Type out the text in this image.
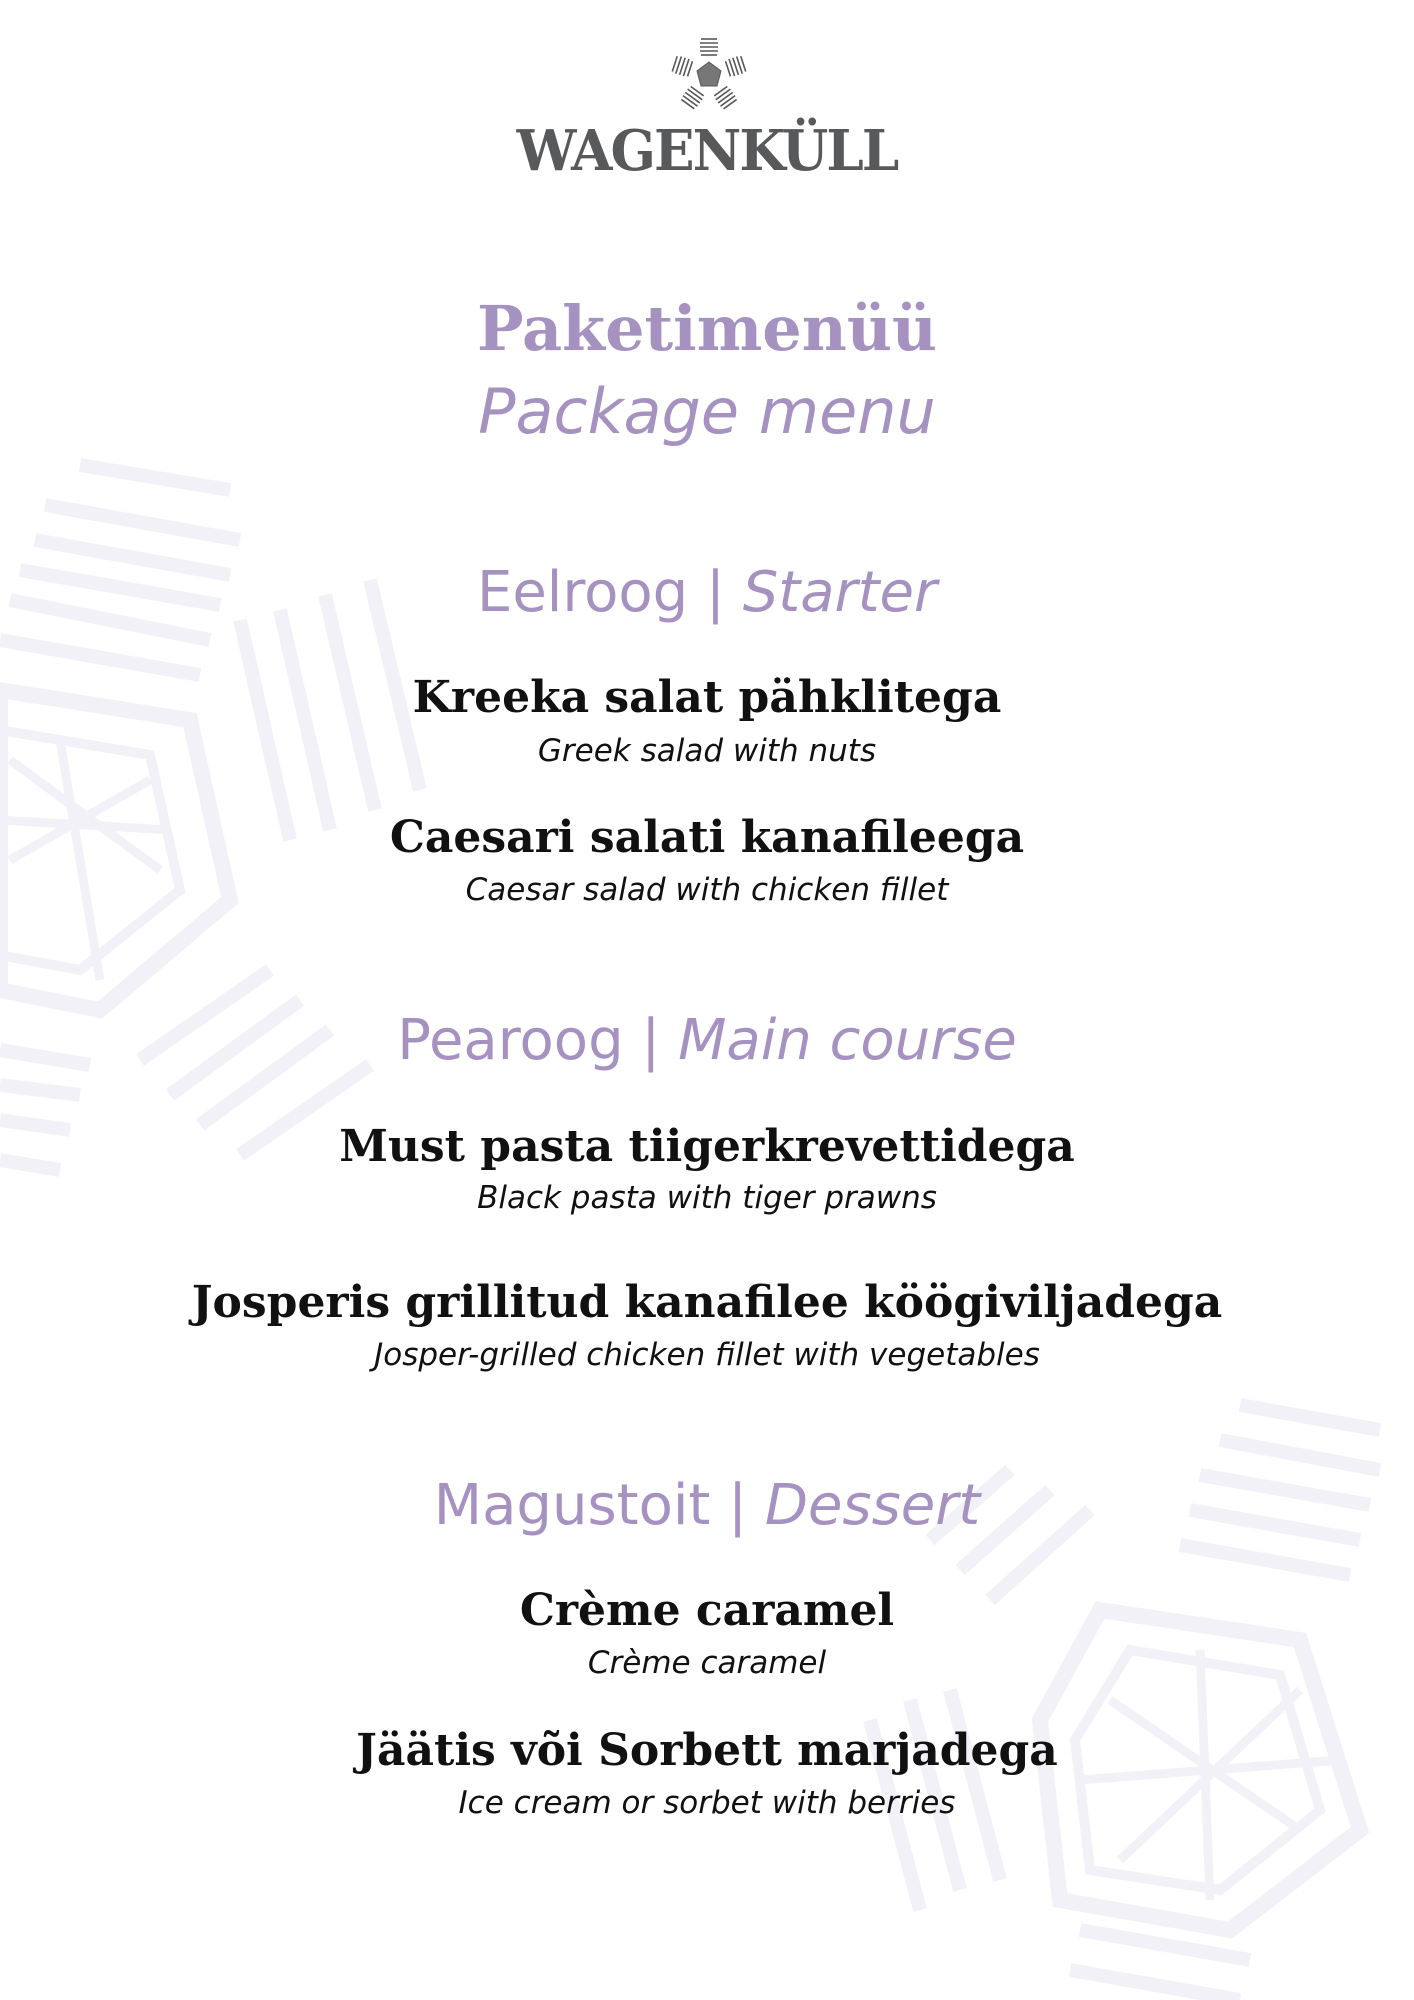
WAGENKÜLL
Paketimenüü
Package menu
Eelroog | Starter
Kreeka salat pähklitega
Greek salad with nuts
Caesari salati kanafileega
Caesar salad with chicken fillet
Pearoog | Main course
Must pasta tiigerkrevettidega
Black pasta with tiger prawns
Josperis grillitud kanafilee köögiviljadega
Josper-grilled chicken fillet with vegetables
Magustoit | Dessert
Crème caramel
Crème caramel
Jäätis või Sorbett marjadega
Ice cream or sorbet with berries
